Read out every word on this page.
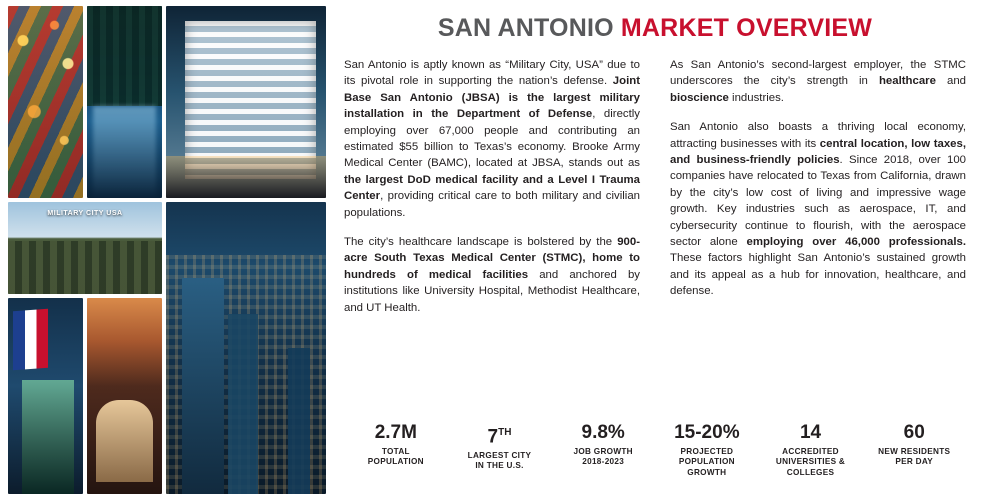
MILITARY CITY USA
SAN ANTONIO MARKET OVERVIEW

San Antonio is aptly known as “Military City, USA” due to its pivotal role in supporting the nation’s defense. Joint Base San Antonio (JBSA) is the largest military installation in the Department of Defense, directly employing over 67,000 people and contributing an estimated $55 billion to Texas’s economy. Brooke Army Medical Center (BAMC), located at JBSA, stands out as the largest DoD medical facility and a Level I Trauma Center, providing critical care to both military and civilian populations.

The city’s healthcare landscape is bolstered by the 900-acre South Texas Medical Center (STMC), home to hundreds of medical facilities and anchored by institutions like University Hospital, Methodist Healthcare, and UT Health.

As San Antonio’s second-largest employer, the STMC underscores the city’s strength in healthcare and bioscience industries.

San Antonio also boasts a thriving local economy, attracting businesses with its central location, low taxes, and business-friendly policies. Since 2018, over 100 companies have relocated to Texas from California, drawn by the city’s low cost of living and impressive wage growth. Key industries such as aerospace, IT, and cybersecurity continue to flourish, with the aerospace sector alone employing over 46,000 professionals. These factors highlight San Antonio’s sustained growth and its appeal as a hub for innovation, healthcare, and defense.

2.7M
TOTAL
POPULATION
7TH
LARGEST CITY
IN THE U.S.
9.8%
JOB GROWTH
2018-2023
15-20%
PROJECTED
POPULATION
GROWTH
14
ACCREDITED
UNIVERSITIES &
COLLEGES
60
NEW RESIDENTS
PER DAY
